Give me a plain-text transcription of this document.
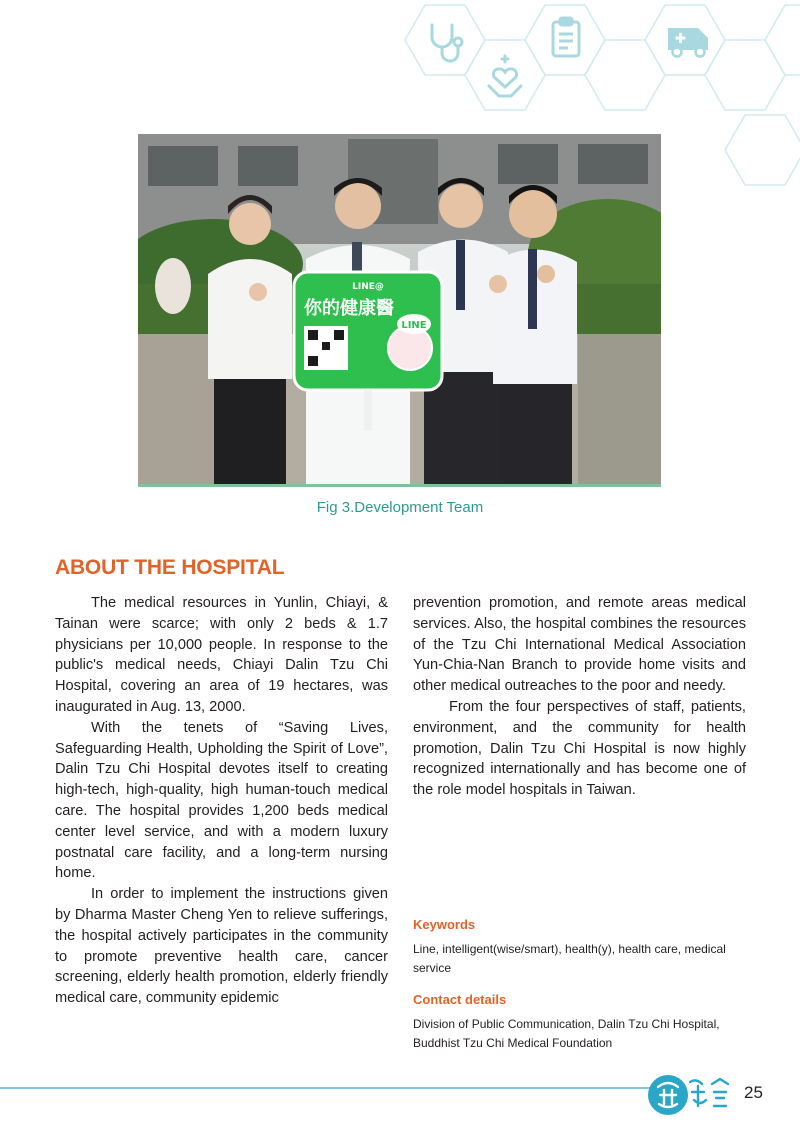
LINE@
你的健康醫
LINE
Fig 3.Development Team
ABOUT THE HOSPITAL

The medical resources in Yunlin, Chiayi, & Tainan were scarce; with only 2 beds & 1.7 physicians per 10,000 people. In response to the public's medical needs, Chiayi Dalin Tzu Chi Hospital, covering an area of 19 hectares, was inaugurated in Aug. 13, 2000.

With the tenets of “Saving Lives, Safeguarding Health, Upholding the Spirit of Love”, Dalin Tzu Chi Hospital devotes itself to creating high-tech, high-quality, high human-touch medical care. The hospital provides 1,200 beds medical center level service, and with a modern luxury postnatal care facility, and a long-term nursing home.

In order to implement the instructions given by Dharma Master Cheng Yen to relieve sufferings, the hospital actively participates in the community to promote preventive health care, cancer screening, elderly health promotion, elderly friendly medical care, community epidemic

prevention promotion, and remote areas medical services. Also, the hospital combines the resources of the Tzu Chi International Medical Association Yun-Chia-Nan Branch to provide home visits and other medical outreaches to the poor and needy.

From the four perspectives of staff, patients, environment, and the community for health promotion, Dalin Tzu Chi Hospital is now highly recognized internationally and has become one of the role model hospitals in Taiwan.

Keywords
Line, intelligent(wise/smart), health(y), health care, medical service
Contact details
Division of Public Communication, Dalin Tzu Chi Hospital, Buddhist Tzu Chi Medical Foundation
25
